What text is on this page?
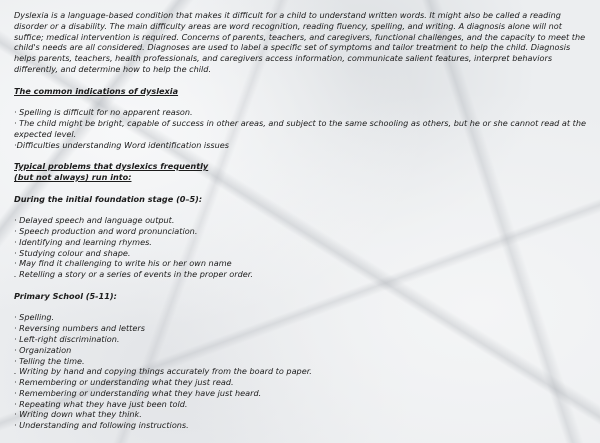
Dyslexia is a language-based condition that makes it difficult for a child to understand written words. It might also be called a reading disorder or a disability. The main difficulty areas are word recognition, reading fluency, spelling, and writing. A diagnosis alone will not suffice; medical intervention is required. Concerns of parents, teachers, and caregivers, functional challenges, and the capacity to meet the child's needs are all considered. Diagnoses are used to label a specific set of symptoms and tailor treatment to help the child. Diagnosis helps parents, teachers, health professionals, and caregivers access information, communicate salient features, interpret behaviors differently, and determine how to help the child.

The common indications of dyslexia

· Spelling is difficult for no apparent reason.
· The child might be bright, capable of success in other areas, and subject to the same schooling as others, but he or she cannot read at the expected level.
·Difficulties understanding Word identification issues

Typical problems that dyslexics frequently (but not always) run into:

During the initial foundation stage (0–5):

· Delayed speech and language output.
· Speech production and word pronunciation.
· Identifying and learning rhymes.
· Studying colour and shape.
· May find it challenging to write his or her own name
. Retelling a story or a series of events in the proper order.

Primary School (5-11):

· Spelling.
· Reversing numbers and letters
· Left-right discrimination.
· Organization
· Telling the time.
. Writing by hand and copying things accurately from the board to paper.
· Remembering or understanding what they just read.
· Remembering or understanding what they have just heard.
· Repeating what they have just been told.
· Writing down what they think.
· Understanding and following instructions.
